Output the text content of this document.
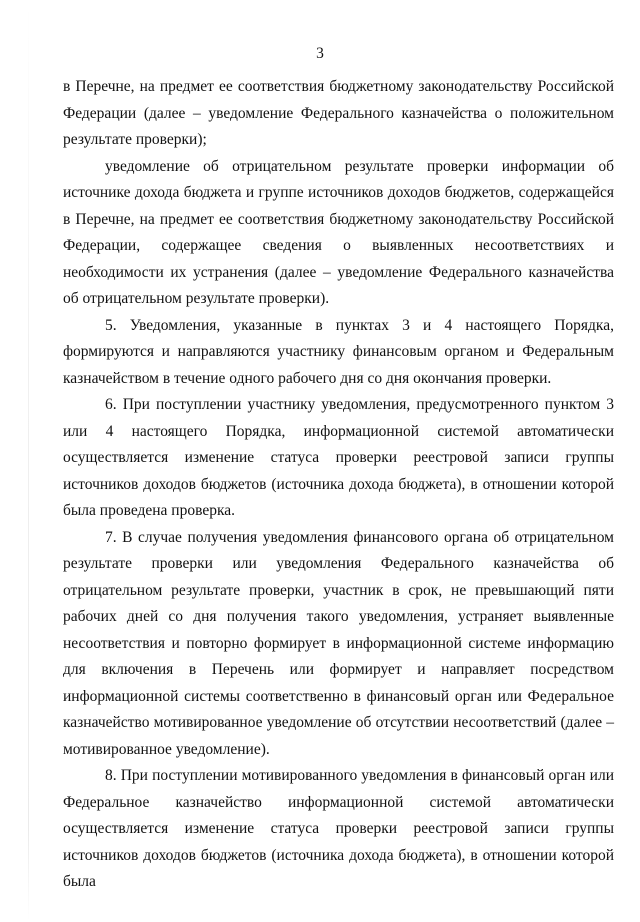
3

в Перечне, на предмет ее соответствия бюджетному законодательству Российской Федерации (далее – уведомление Федерального казначейства о положительном результате проверки);

уведомление об отрицательном результате проверки информации об источнике дохода бюджета и группе источников доходов бюджетов, содержащейся в Перечне, на предмет ее соответствия бюджетному законодательству Российской Федерации, содержащее сведения о выявленных несоответствиях и необходимости их устранения (далее – уведомление Федерального казначейства об отрицательном результате проверки).

5. Уведомления, указанные в пунктах 3 и 4 настоящего Порядка, формируются и направляются участнику финансовым органом и Федеральным казначейством в течение одного рабочего дня со дня окончания проверки.

6. При поступлении участнику уведомления, предусмотренного пунктом 3 или 4 настоящего Порядка, информационной системой автоматически осуществляется изменение статуса проверки реестровой записи группы источников доходов бюджетов (источника дохода бюджета), в отношении которой была проведена проверка.

7. В случае получения уведомления финансового органа об отрицательном результате проверки или уведомления Федерального казначейства об отрицательном результате проверки, участник в срок, не превышающий пяти рабочих дней со дня получения такого уведомления, устраняет выявленные несоответствия и повторно формирует в информационной системе информацию для включения в Перечень или формирует и направляет посредством информационной системы соответственно в финансовый орган или Федеральное казначейство мотивированное уведомление об отсутствии несоответствий (далее – мотивированное уведомление).

8. При поступлении мотивированного уведомления в финансовый орган или Федеральное казначейство информационной системой автоматически осуществляется изменение статуса проверки реестровой записи группы источников доходов бюджетов (источника дохода бюджета), в отношении которой была
